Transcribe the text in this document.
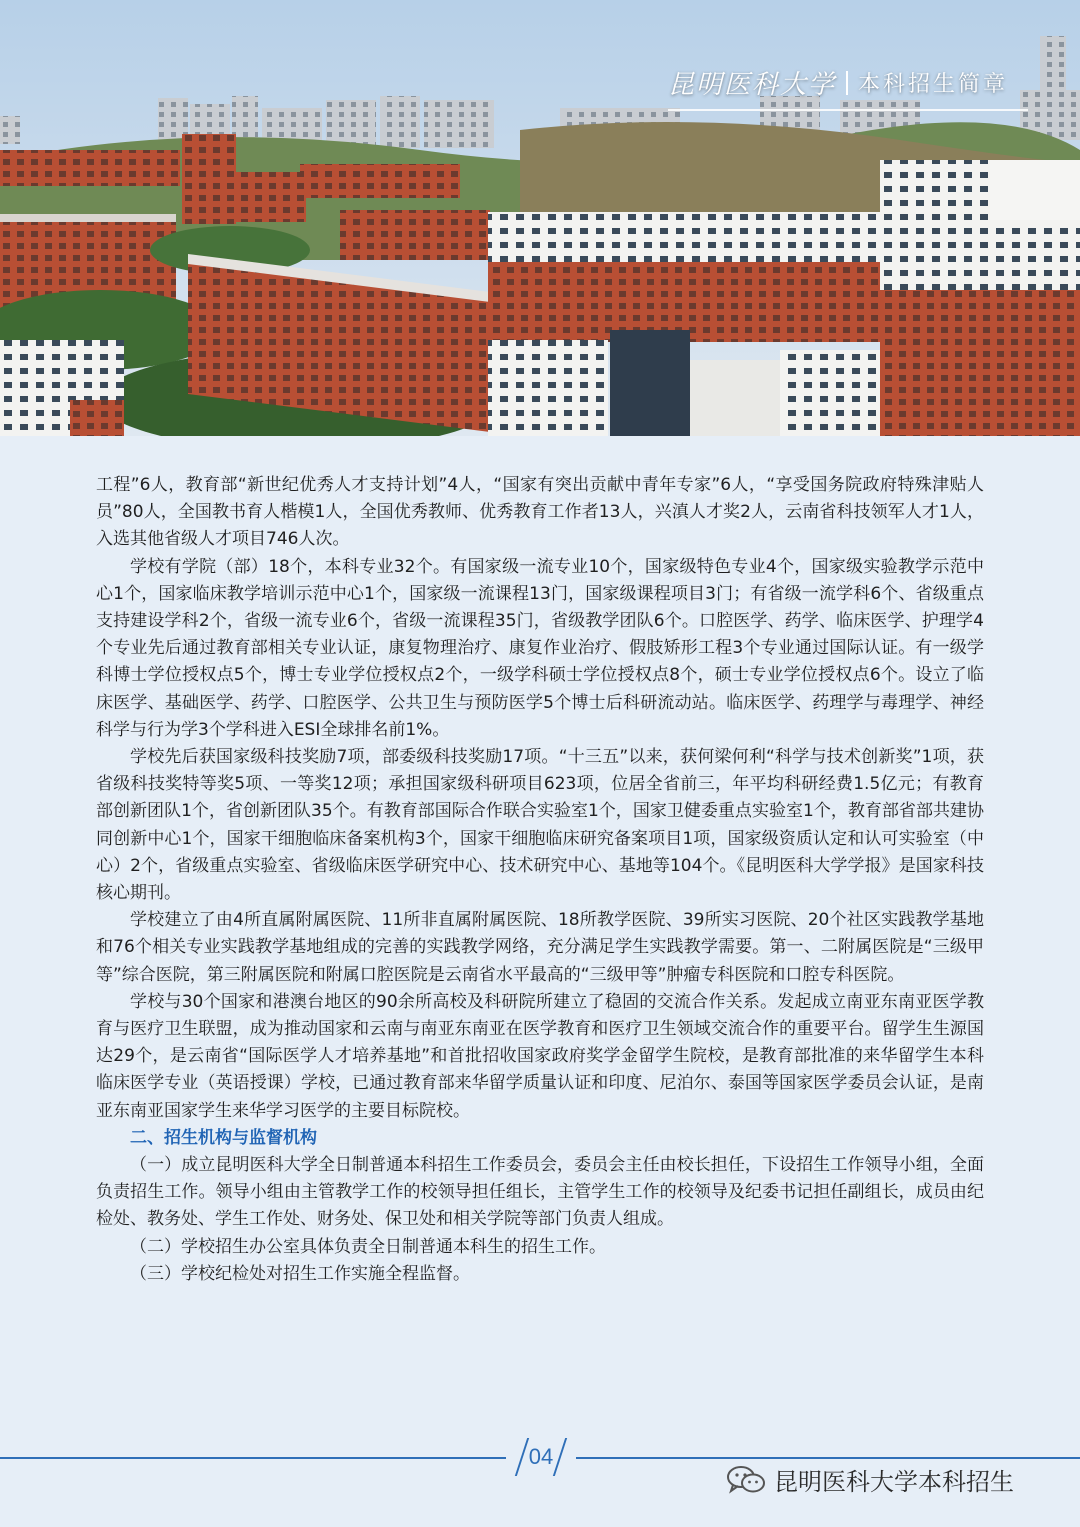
昆明医科大学 本科招生简章

工程”6人，教育部“新世纪优秀人才支持计划”4人，“国家有突出贡献中青年专家”6人，“享受国务院政府特殊津贴人员”80人，全国教书育人楷模1人，全国优秀教师、优秀教育工作者13人，兴滇人才奖2人，云南省科技领军人才1人，入选其他省级人才项目746人次。

学校有学院（部）18个，本科专业32个。有国家级一流专业10个，国家级特色专业4个，国家级实验教学示范中心1个，国家临床教学培训示范中心1个，国家级一流课程13门，国家级课程项目3门；有省级一流学科6个、省级重点支持建设学科2个，省级一流专业6个，省级一流课程35门，省级教学团队6个。口腔医学、药学、临床医学、护理学4个专业先后通过教育部相关专业认证，康复物理治疗、康复作业治疗、假肢矫形工程3个专业通过国际认证。有一级学科博士学位授权点5个，博士专业学位授权点2个，一级学科硕士学位授权点8个，硕士专业学位授权点6个。设立了临床医学、基础医学、药学、口腔医学、公共卫生与预防医学5个博士后科研流动站。临床医学、药理学与毒理学、神经科学与行为学3个学科进入ESI全球排名前1%。

学校先后获国家级科技奖励7项，部委级科技奖励17项。“十三五”以来，获何梁何利“科学与技术创新奖”1项，获省级科技奖特等奖5项、一等奖12项；承担国家级科研项目623项，位居全省前三，年平均科研经费1.5亿元；有教育部创新团队1个，省创新团队35个。有教育部国际合作联合实验室1个，国家卫健委重点实验室1个，教育部省部共建协同创新中心1个，国家干细胞临床备案机构3个，国家干细胞临床研究备案项目1项，国家级资质认定和认可实验室（中心）2个，省级重点实验室、省级临床医学研究中心、技术研究中心、基地等104个。《昆明医科大学学报》是国家科技核心期刊。

学校建立了由4所直属附属医院、11所非直属附属医院、18所教学医院、39所实习医院、20个社区实践教学基地和76个相关专业实践教学基地组成的完善的实践教学网络，充分满足学生实践教学需要。第一、二附属医院是“三级甲等”综合医院，第三附属医院和附属口腔医院是云南省水平最高的“三级甲等”肿瘤专科医院和口腔专科医院。

学校与30个国家和港澳台地区的90余所高校及科研院所建立了稳固的交流合作关系。发起成立南亚东南亚医学教育与医疗卫生联盟，成为推动国家和云南与南亚东南亚在医学教育和医疗卫生领域交流合作的重要平台。留学生生源国达29个，是云南省“国际医学人才培养基地”和首批招收国家政府奖学金留学生院校，是教育部批准的来华留学生本科临床医学专业（英语授课）学校，已通过教育部来华留学质量认证和印度、尼泊尔、泰国等国家医学委员会认证，是南亚东南亚国家学生来华学习医学的主要目标院校。

二、招生机构与监督机构

（一）成立昆明医科大学全日制普通本科招生工作委员会，委员会主任由校长担任，下设招生工作领导小组，全面负责招生工作。领导小组由主管教学工作的校领导担任组长，主管学生工作的校领导及纪委书记担任副组长，成员由纪检处、教务处、学生工作处、财务处、保卫处和相关学院等部门负责人组成。

（二）学校招生办公室具体负责全日制普通本科生的招生工作。

（三）学校纪检处对招生工作实施全程监督。

04
昆明医科大学本科招生
